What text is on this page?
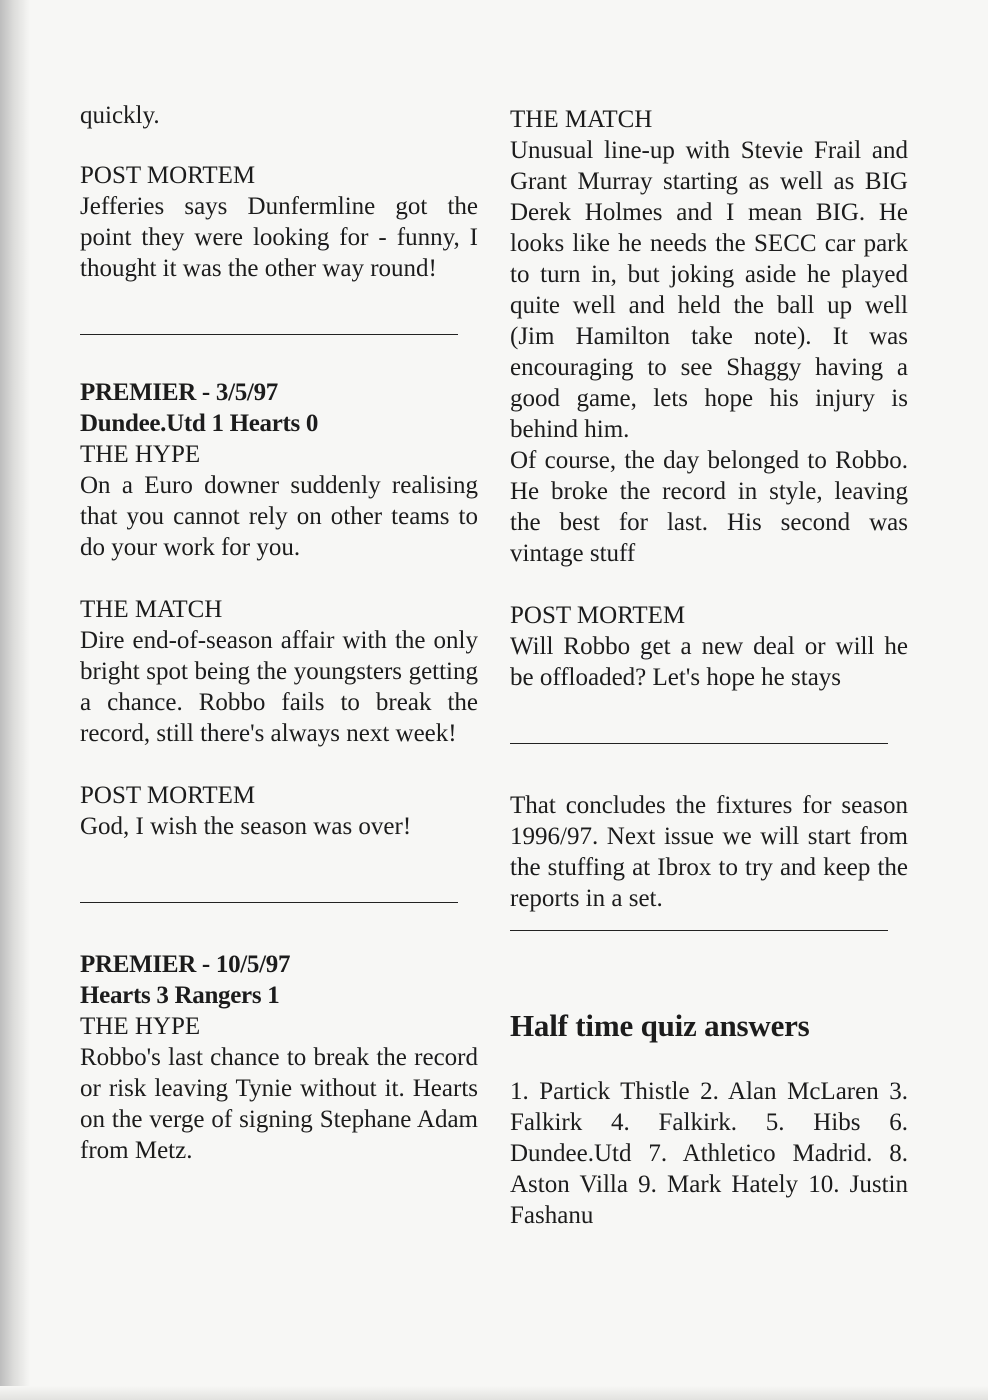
quickly.

POST MORTEM

Jefferies says Dunfermline got the point they were looking for - funny, I thought it was the other way round!

PREMIER - 3/5/97

Dundee.Utd 1 Hearts 0

THE HYPE

On a Euro downer suddenly realising that you cannot rely on other teams to do your work for you.

THE MATCH

Dire end-of-season affair with the only bright spot being the youngsters getting a chance. Robbo fails to break the record, still there's always next week!

POST MORTEM

God, I wish the season was over!

PREMIER - 10/5/97

Hearts 3 Rangers 1

THE HYPE

Robbo's last chance to break the record or risk leaving Tynie without it. Hearts on the verge of signing Stephane Adam from Metz.

THE MATCH

Unusual line-up with Stevie Frail and Grant Murray starting as well as BIG Derek Holmes and I mean BIG. He looks like he needs the SECC car park to turn in, but joking aside he played quite well and held the ball up well (Jim Hamilton take note). It was encouraging to see Shaggy having a good game, lets hope his injury is behind him.

Of course, the day belonged to Robbo. He broke the record in style, leaving the best for last. His second was vintage stuff

POST MORTEM

Will Robbo get a new deal or will he be offloaded? Let's hope he stays

That concludes the fixtures for season 1996/97. Next issue we will start from the stuffing at Ibrox to try and keep the reports in a set.

Half time quiz answers

1. Partick Thistle 2. Alan McLaren 3. Falkirk 4. Falkirk. 5. Hibs 6. Dundee.Utd 7. Athletico Madrid. 8. Aston Villa 9. Mark Hately 10. Justin Fashanu
